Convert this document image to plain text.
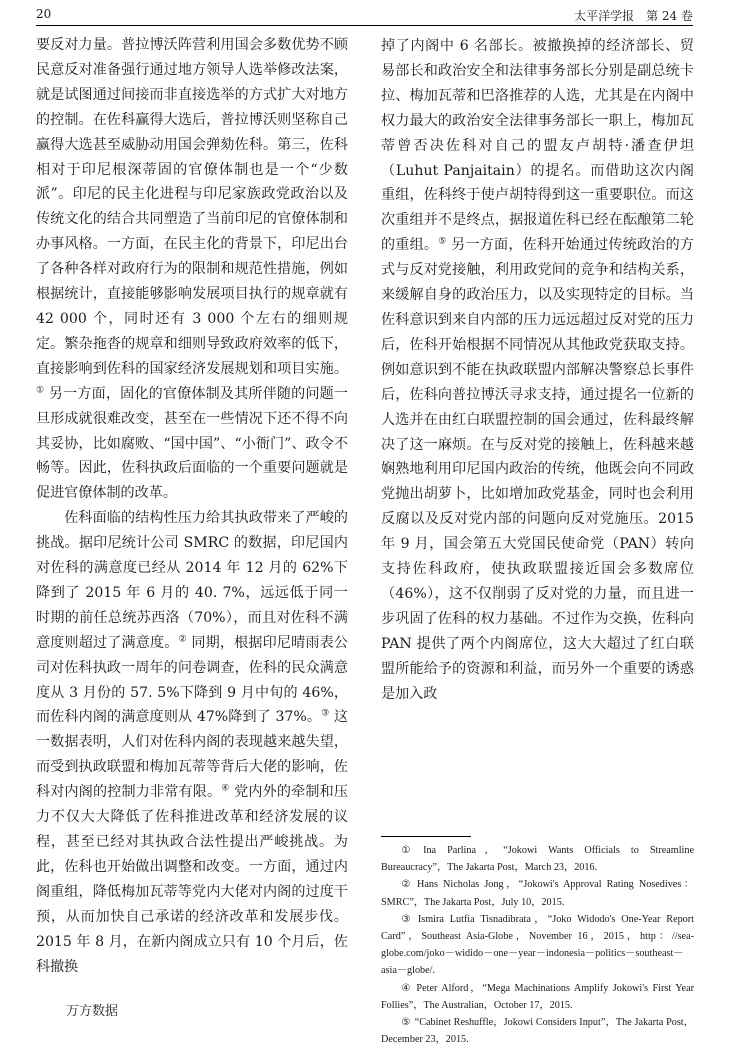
20	太平洋学报　第 24 卷

要反对力量。普拉博沃阵营利用国会多数优势不顾民意反对准备强行通过地方领导人选举修改法案，就是试图通过间接而非直接选举的方式扩大对地方的控制。在佐科赢得大选后，普拉博沃则坚称自己赢得大选甚至威胁动用国会弹劾佐科。第三，佐科相对于印尼根深蒂固的官僚体制也是一个“少数派”。印尼的民主化进程与印尼家族政党政治以及传统文化的结合共同塑造了当前印尼的官僚体制和办事风格。一方面，在民主化的背景下，印尼出台了各种各样对政府行为的限制和规范性措施，例如根据统计，直接能够影响发展项目执行的规章就有 42 000 个，同时还有 3 000 个左右的细则规定。繁杂拖沓的规章和细则导致政府效率的低下，直接影响到佐科的国家经济发展规划和项目实施。① 另一方面，固化的官僚体制及其所伴随的问题一旦形成就很难改变，甚至在一些情况下还不得不向其妥协，比如腐败、“国中国”、“小衙门”、政令不畅等。因此，佐科执政后面临的一个重要问题就是促进官僚体制的改革。

佐科面临的结构性压力给其执政带来了严峻的挑战。据印尼统计公司 SMRC 的数据，印尼国内对佐科的满意度已经从 2014 年 12 月的 62%下降到了 2015 年 6 月的 40. 7%，远远低于同一时期的前任总统苏西洛（70%），而且对佐科不满意度则超过了满意度。② 同期，根据印尼晴雨表公司对佐科执政一周年的问卷调查，佐科的民众满意度从 3 月份的 57. 5%下降到 9 月中旬的 46%，而佐科内阁的满意度则从 47%降到了 37%。③ 这一数据表明，人们对佐科内阁的表现越来越失望，而受到执政联盟和梅加瓦蒂等背后大佬的影响，佐科对内阁的控制力非常有限。④ 党内外的牵制和压力不仅大大降低了佐科推进改革和经济发展的议程，甚至已经对其执政合法性提出严峻挑战。为此，佐科也开始做出调整和改变。一方面，通过内阁重组，降低梅加瓦蒂等党内大佬对内阁的过度干预，从而加快自己承诺的经济改革和发展步伐。2015 年 8 月，在新内阁成立只有 10 个月后，佐科撤换

掉了内阁中 6 名部长。被撤换掉的经济部长、贸易部长和政治安全和法律事务部长分别是副总统卡拉、梅加瓦蒂和巴洛推荐的人选，尤其是在内阁中权力最大的政治安全法律事务部长一职上，梅加瓦蒂曾否决佐科对自己的盟友卢胡特·潘查伊坦（Luhut Panjaitain）的提名。而借助这次内阁重组，佐科终于使卢胡特得到这一重要职位。而这次重组并不是终点，据报道佐科已经在酝酿第二轮的重组。⑤ 另一方面，佐科开始通过传统政治的方式与反对党接触，利用政党间的竞争和结构关系，来缓解自身的政治压力，以及实现特定的目标。当佐科意识到来自内部的压力远远超过反对党的压力后，佐科开始根据不同情况从其他政党获取支持。例如意识到不能在执政联盟内部解决警察总长事件后，佐科向普拉博沃寻求支持，通过提名一位新的人选并在由红白联盟控制的国会通过，佐科最终解决了这一麻烦。在与反对党的接触上，佐科越来越娴熟地利用印尼国内政治的传统，他既会向不同政党抛出胡萝卜，比如增加政党基金，同时也会利用反腐以及反对党内部的问题向反对党施压。2015 年 9 月，国会第五大党国民使命党（PAN）转向支持佐科政府，使执政联盟接近国会多数席位（46%），这不仅削弱了反对党的力量，而且进一步巩固了佐科的权力基础。不过作为交换，佐科向 PAN 提供了两个内阁席位，这大大超过了红白联盟所能给予的资源和利益，而另外一个重要的诱惑是加入政

① Ina Parlina，“Jokowi Wants Officials to Streamline Bureaucracy”，The Jakarta Post，March 23，2016.

② Hans Nicholas Jong，“Jokowi's Approval Rating Nosedives：SMRC”，The Jakarta Post，July 10，2015.

③ Ismira Lutfia Tisnadibrata，“Joko Widodo's One-Year Report Card”，Southeast Asia-Globe，November 16，2015，http：//sea-globe.com/joko－widido－one－year－indonesia－politics－southeast－asia－globe/.

④ Peter Alford，“Mega Machinations Amplify Jokowi's First Year Follies”，The Australian，October 17，2015.

⑤ “Cabinet Reshuffle，Jokowi Considers Input”，The Jakarta Post，December 23，2015.

万方数据
